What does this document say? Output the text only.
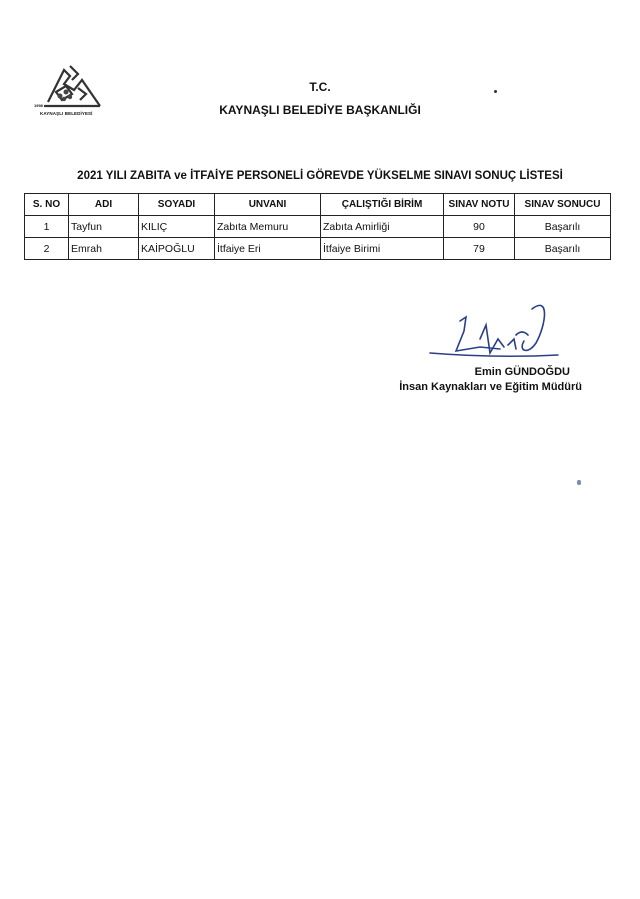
1998
KAYNAŞLI BELEDİYESİ
T.C.
KAYNAŞLI BELEDİYE BAŞKANLIĞI
2021 YILI ZABITA ve İTFAİYE PERSONELİ GÖREVDE YÜKSELME SINAVI SONUÇ LİSTESİ
S. NO	ADI	SOYADI	UNVANI	ÇALIŞTIĞI BİRİM	SINAV NOTU	SINAV SONUCU
1	Tayfun	KILIÇ	Zabıta Memuru	Zabıta Amirliği	90	Başarılı
2	Emrah	KAİPOĞLU	İtfaiye Eri	İtfaiye Birimi	79	Başarılı
Emin GÜNDOĞDU
İnsan Kaynakları ve Eğitim Müdürü
